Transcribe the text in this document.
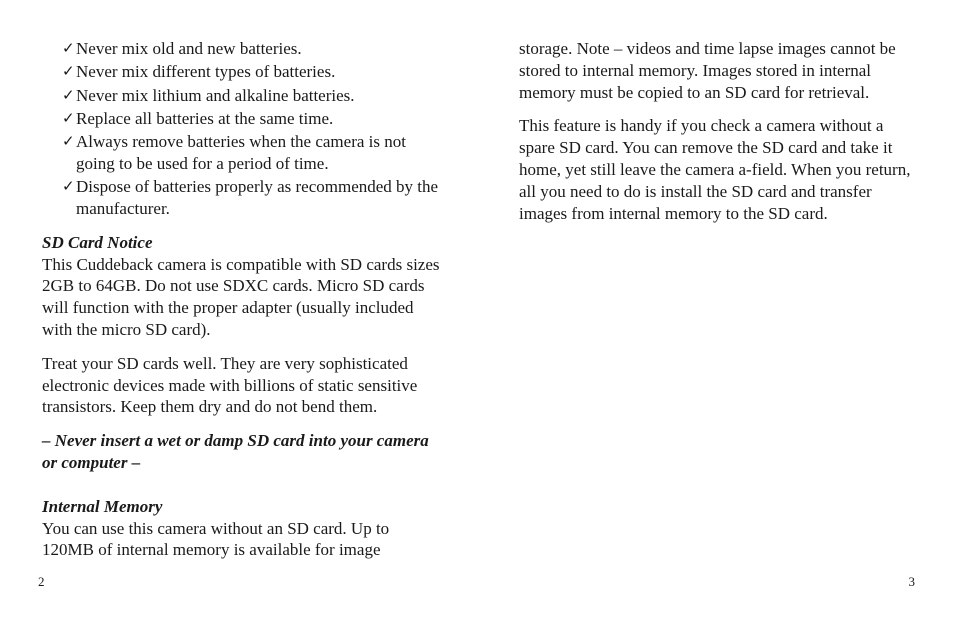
✓ Never mix old and new batteries.
✓ Never mix different types of batteries.
✓ Never mix lithium and alkaline batteries.
✓ Replace all batteries at the same time.
✓ Always remove batteries when the camera is not going to be used for a period of time.
✓ Dispose of batteries properly as recommended by the manufacturer.
SD Card Notice

This Cuddeback camera is compatible with SD cards sizes 2GB to 64GB. Do not use SDXC cards. Micro SD cards will function with the proper adapter (usually included with the micro SD card).

Treat your SD cards well. They are very sophisticated electronic devices made with billions of static sensitive transistors. Keep them dry and do not bend them.

– Never insert a wet or damp SD card into your camera or computer –
Internal Memory

You can use this camera without an SD card. Up to 120MB of internal memory is available for image

2

storage. Note – videos and time lapse images cannot be stored to internal memory. Images stored in internal memory must be copied to an SD card for retrieval.

This feature is handy if you check a camera without a spare SD card. You can remove the SD card and take it home, yet still leave the camera a-field. When you return, all you need to do is install the SD card and transfer images from internal memory to the SD card.

3
